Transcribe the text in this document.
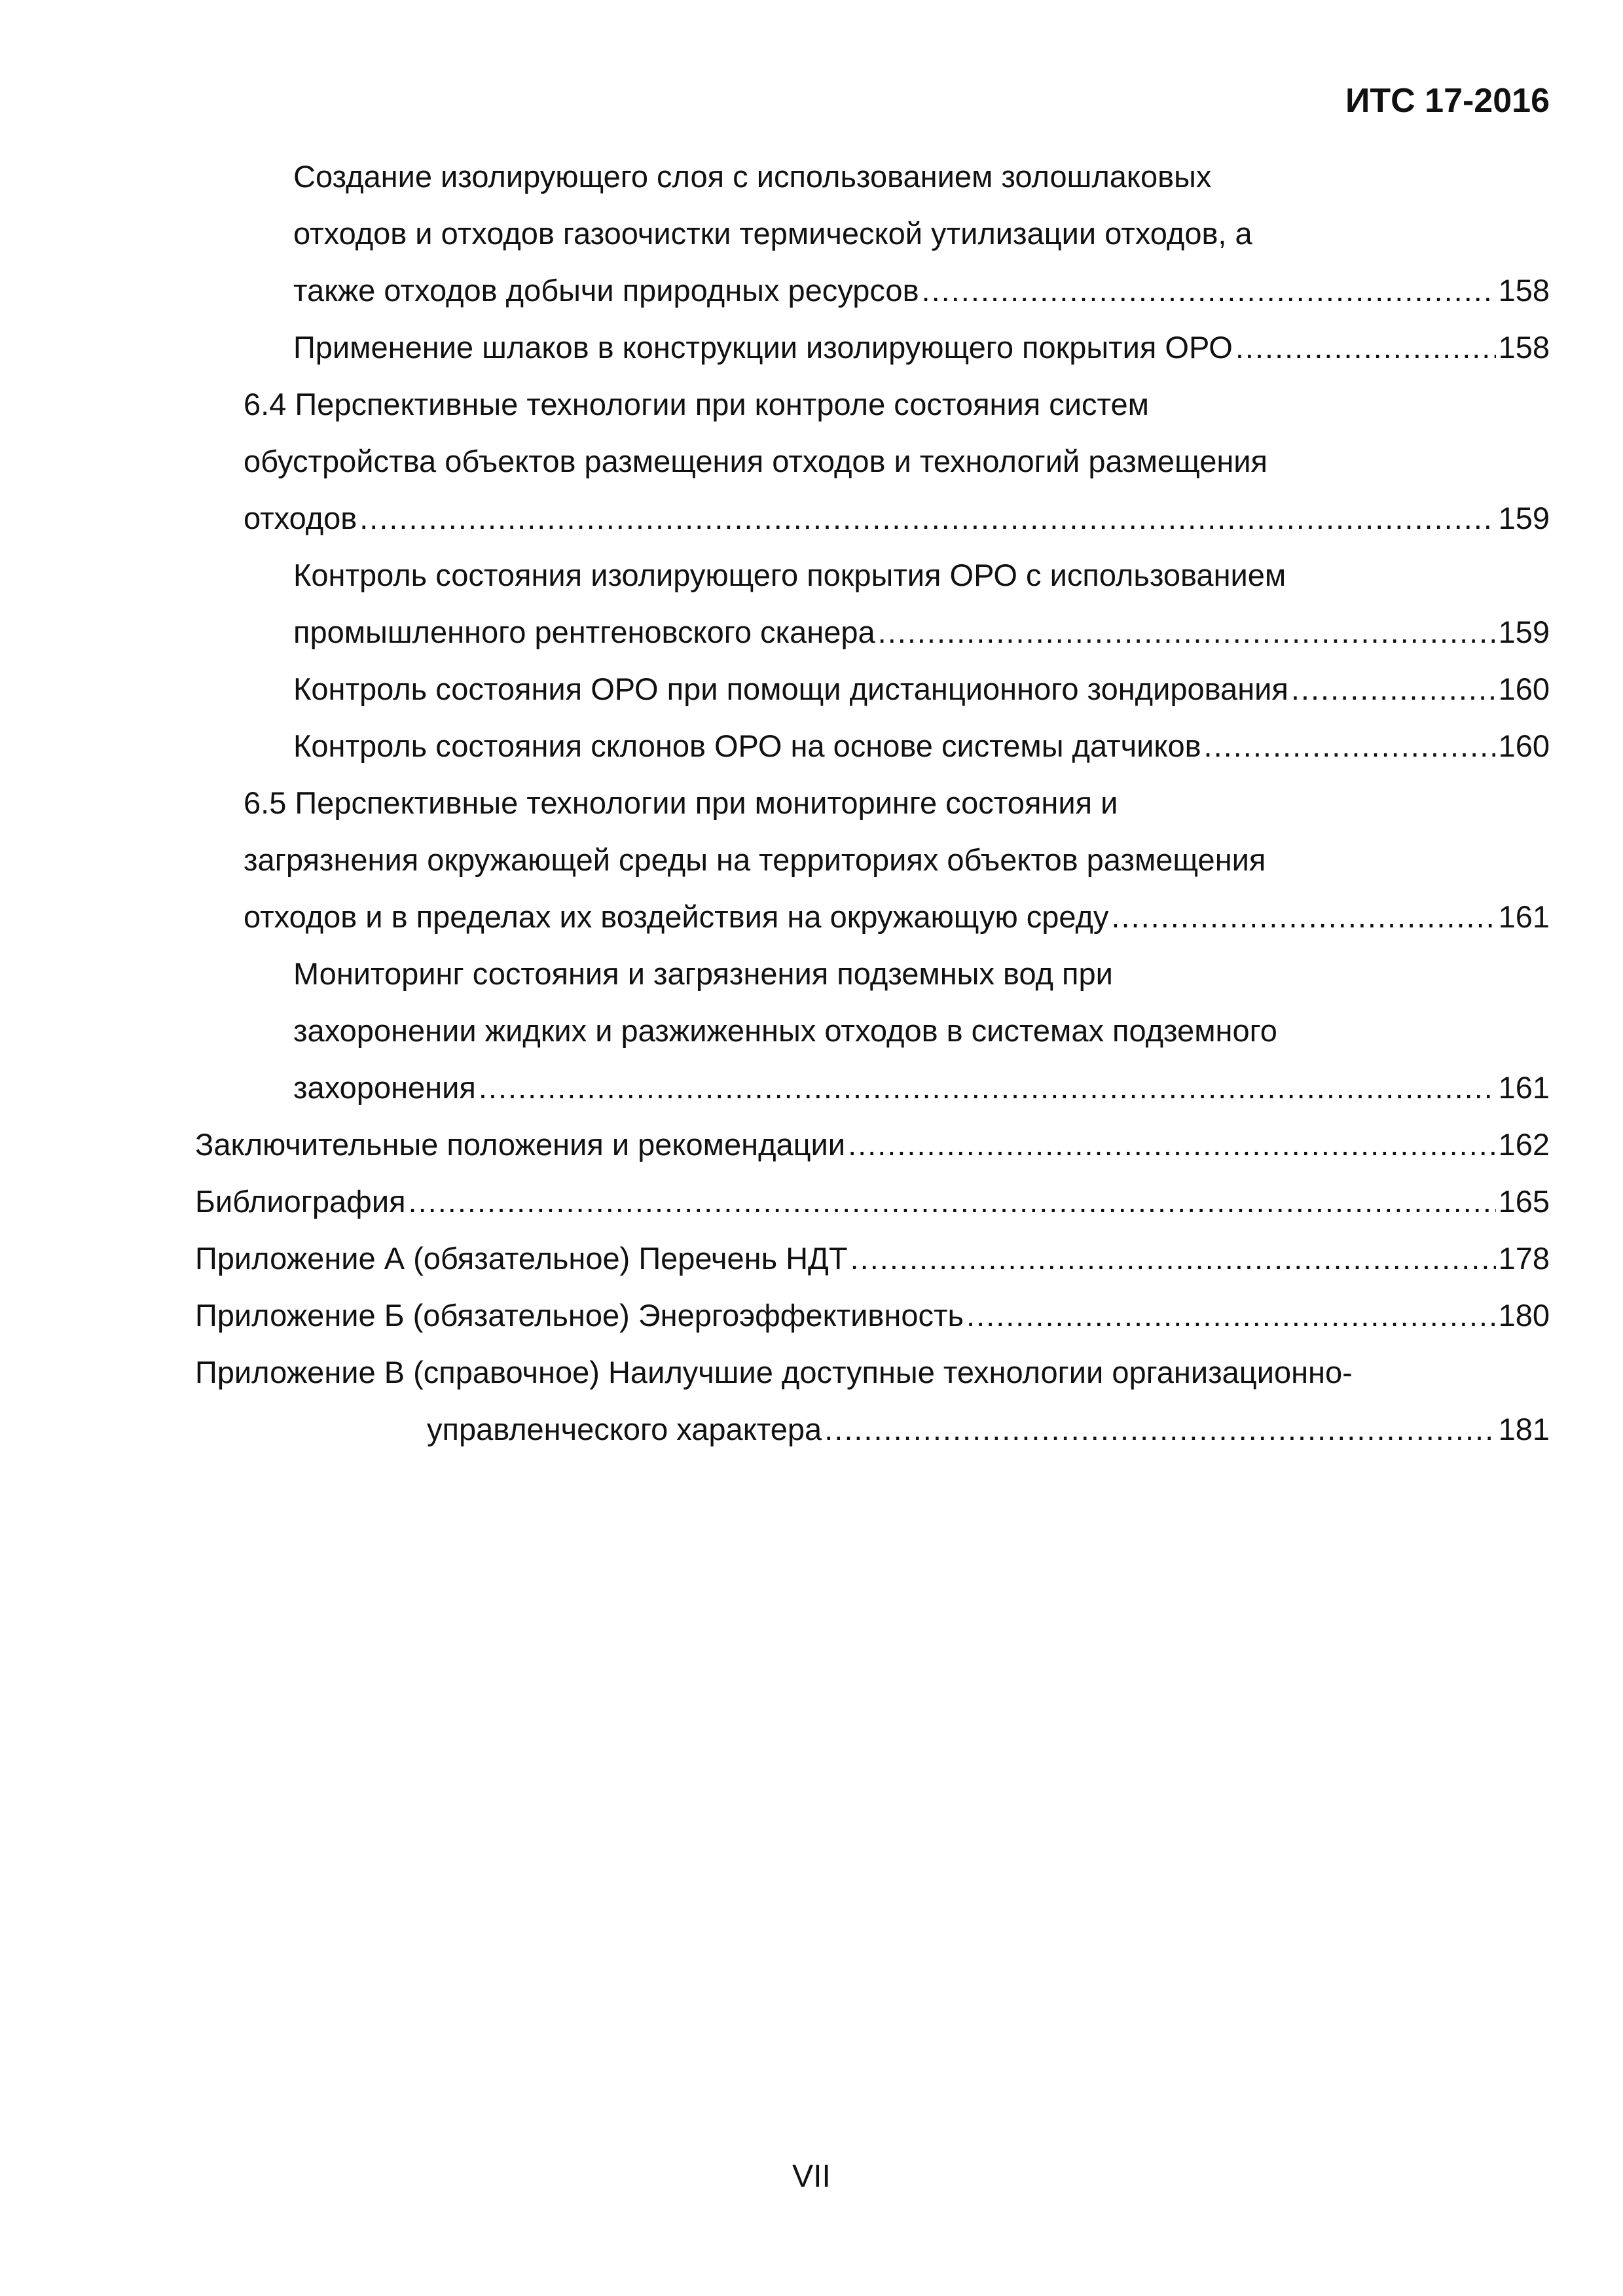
ИТС 17-2016
Создание изолирующего слоя с использованием золошлаковых
отходов и отходов газоочистки термической утилизации отходов, а
также отходов добычи природных ресурсов .....	158
Применение шлаков в конструкции изолирующего покрытия ОРО .....	158
6.4 Перспективные технологии при контроле состояния систем
обустройства объектов размещения отходов и технологий размещения
отходов .....	159
Контроль состояния изолирующего покрытия ОРО с использованием
промышленного рентгеновского сканера .....	159
Контроль состояния ОРО при помощи дистанционного зондирования .....	160
Контроль состояния склонов ОРО на основе системы датчиков .....	160
6.5 Перспективные технологии при мониторинге состояния и
загрязнения окружающей среды на территориях объектов размещения
отходов и в пределах их воздействия на окружающую среду .....	161
Мониторинг состояния и загрязнения подземных вод при
захоронении жидких и разжиженных отходов в системах подземного
захоронения .....	161
Заключительные положения и рекомендации .....	162
Библиография .....	165
Приложение А (обязательное) Перечень НДТ .....	178
Приложение Б (обязательное) Энергоэффективность .....	180
Приложение В (справочное) Наилучшие доступные технологии организационно-
управленческого характера .....	181
VII
